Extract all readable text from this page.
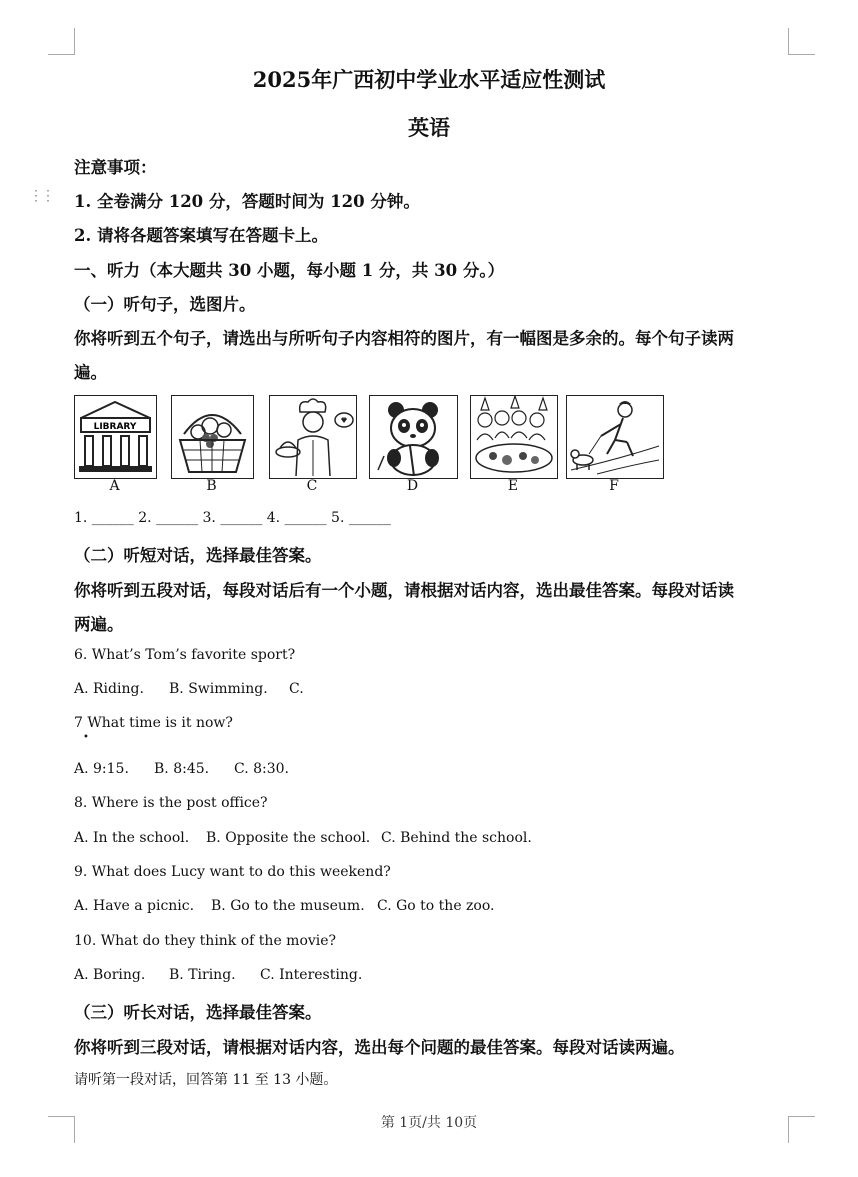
2025年广西初中学业水平适应性测试
英语
注意事项：
⋮⋮ 1. 全卷满分 120 分，答题时间为 120 分钟。
2. 请将各题答案填写在答题卡上。
一、听力（本大题共 30 小题，每小题 1 分，共 30 分。）
（一）听句子，选图片。
你将听到五个句子，请选出与所听句子内容相符的图片，有一幅图是多余的。每个句子读两
遍。
LIBRARY
A	B	C	D	E	F
1. ______ 2. ______ 3. ______ 4. ______ 5. ______
（二）听短对话，选择最佳答案。
你将听到五段对话，每段对话后有一个小题，请根据对话内容，选出最佳答案。每段对话读
两遍。
6. What’s Tom’s favorite sport?
A. Riding. B. Swimming. C.
7 What time is it now?
•
A. 9:15. B. 8:45. C. 8:30.
8. Where is the post office?
A. In the school. B. Opposite the school. C. Behind the school.
9. What does Lucy want to do this weekend?
A. Have a picnic. B. Go to the museum. C. Go to the zoo.
10. What do they think of the movie?
A. Boring. B. Tiring. C. Interesting.
（三）听长对话，选择最佳答案。
你将听到三段对话，请根据对话内容，选出每个问题的最佳答案。每段对话读两遍。
请听第一段对话，回答第 11 至 13 小题。
第 1页/共 10页
